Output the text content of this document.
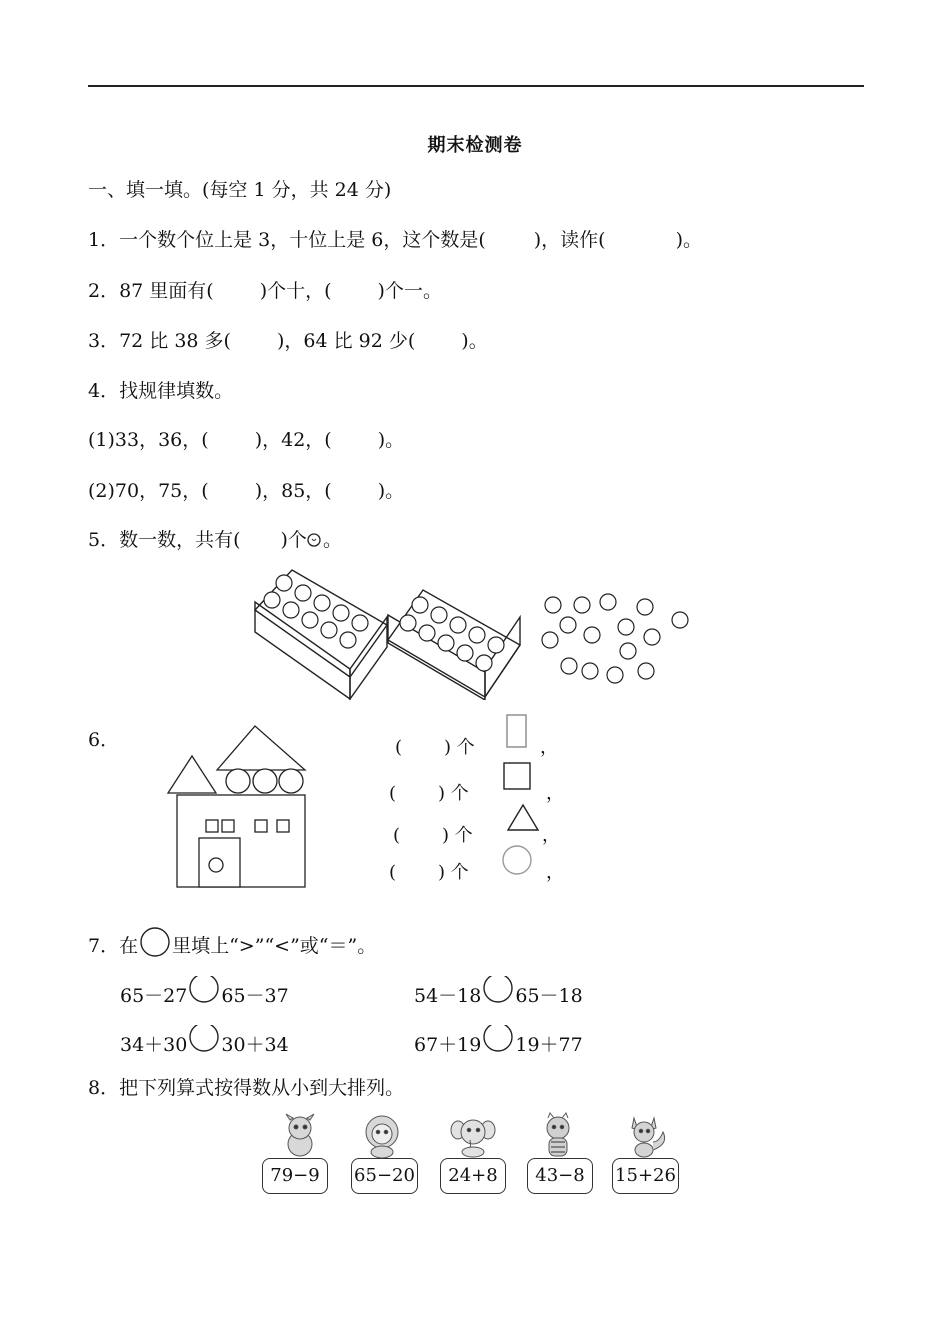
期末检测卷
一、填一填。(每空 1 分，共 24 分)
1．一个数个位上是 3，十位上是 6，这个数是(	)，读作(	)。
2．87 里面有( )个十，( )个一。
3．72 比 38 多( )，64 比 92 少( )。
4．找规律填数。
(1)33，36，( )，42，( )。
(2)70，75，( )，85，( )。
5．数一数，共有( )个 。
6．	( ) 个	，
( ) 个	，
( ) 个	，
( ) 个	，
7．在 里填上“>”“<”或“＝”。
65－27 65－37	54－18 65－18
34＋30 30＋34	67＋19 19＋77
8．把下列算式按得数从小到大排列。
79−9	65−20	24+8	43−8	15+26
